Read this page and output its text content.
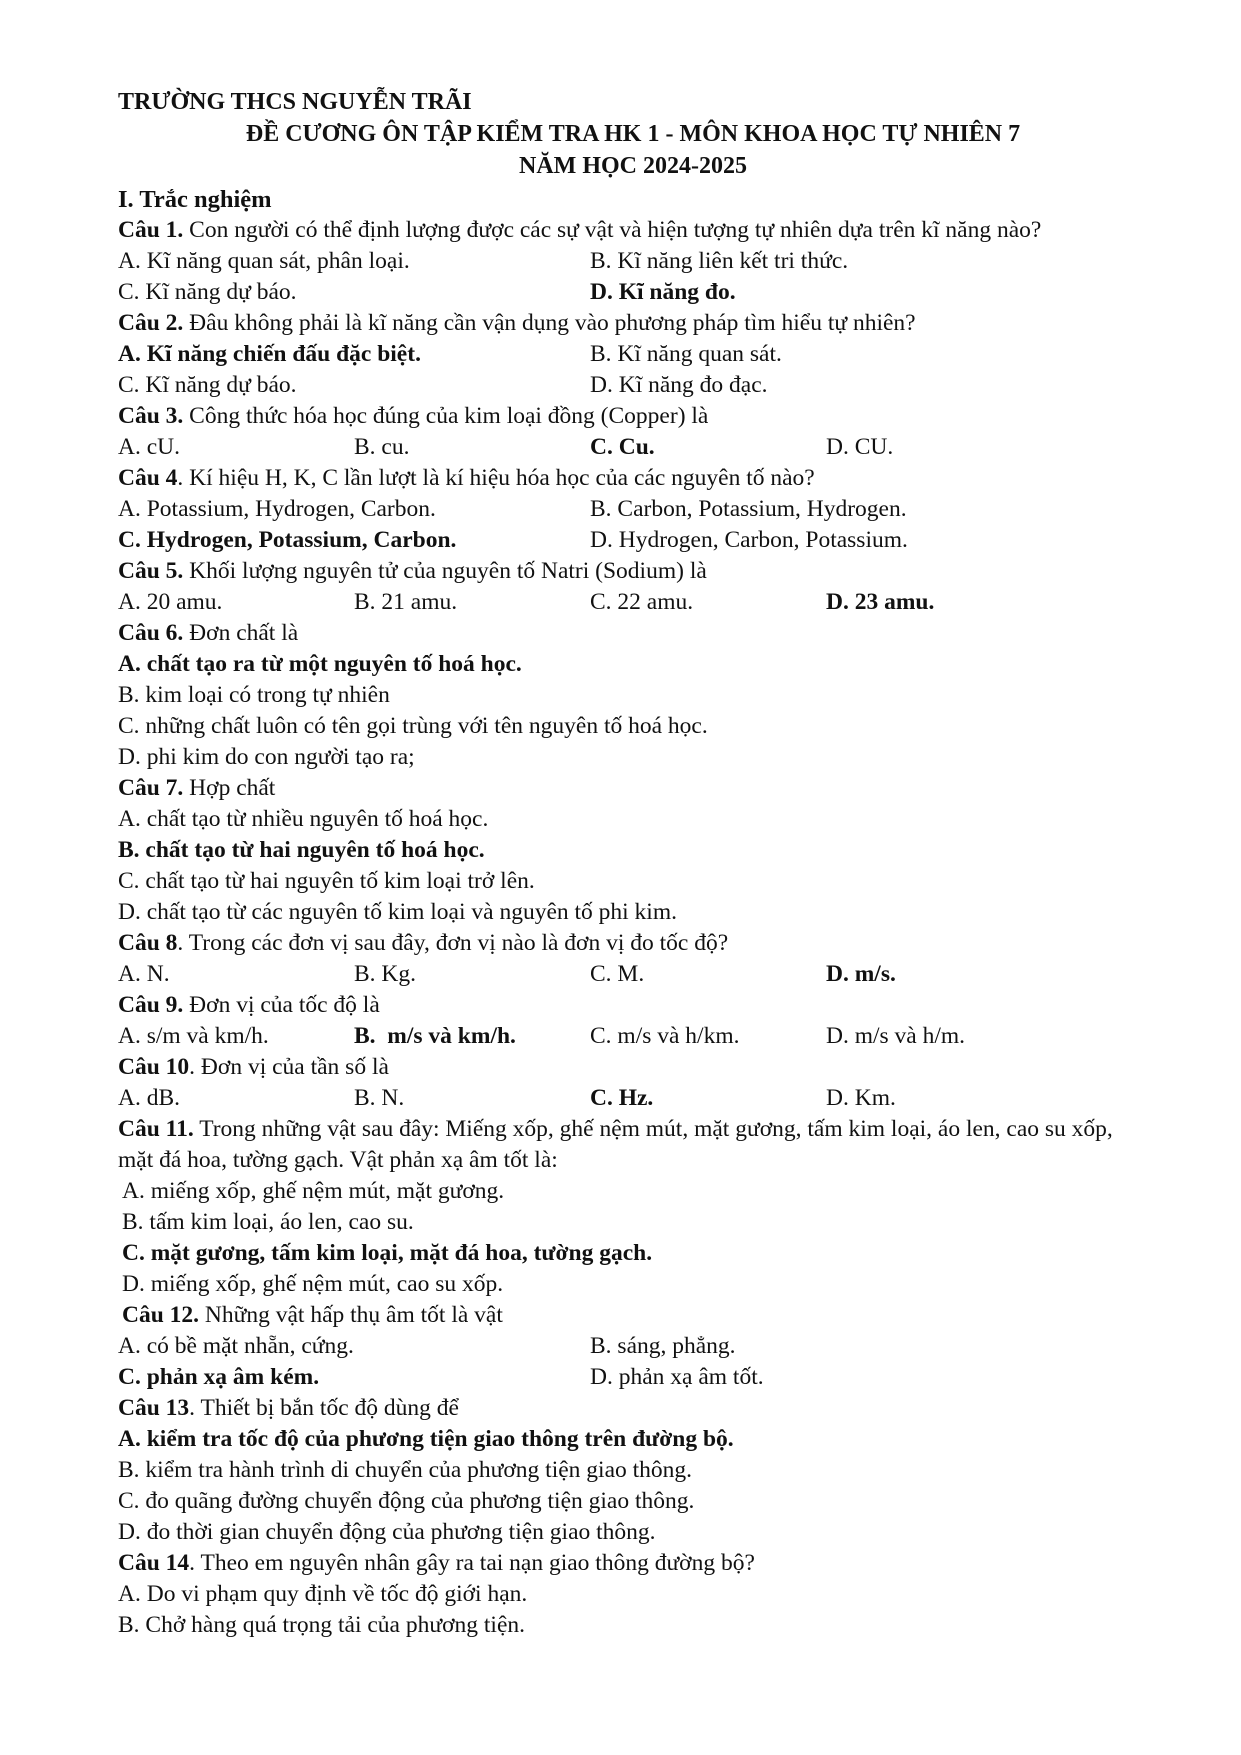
TRƯỜNG THCS NGUYỄN TRÃI
ĐỀ CƯƠNG ÔN TẬP KIỂM TRA HK 1 - MÔN KHOA HỌC TỰ NHIÊN 7
NĂM HỌC 2024-2025
I. Trắc nghiệm
Câu 1. Con người có thể định lượng được các sự vật và hiện tượng tự nhiên dựa trên kĩ năng nào?
A. Kĩ năng quan sát, phân loại.	B. Kĩ năng liên kết tri thức.
C. Kĩ năng dự báo.	D. Kĩ năng đo.
Câu 2. Đâu không phải là kĩ năng cần vận dụng vào phương pháp tìm hiểu tự nhiên?
A. Kĩ năng chiến đấu đặc biệt.	B. Kĩ năng quan sát.
C. Kĩ năng dự báo.	D. Kĩ năng đo đạc.
Câu 3. Công thức hóa học đúng của kim loại đồng (Copper) là
A. cU.	B. cu.	C. Cu.	D. CU.
Câu 4. Kí hiệu H, K, C lần lượt là kí hiệu hóa học của các nguyên tố nào?
A. Potassium, Hydrogen, Carbon.	B. Carbon, Potassium, Hydrogen.
C. Hydrogen, Potassium, Carbon.	D. Hydrogen, Carbon, Potassium.
Câu 5. Khối lượng nguyên tử của nguyên tố Natri (Sodium) là
A. 20 amu.	B. 21 amu.	C. 22 amu.	D. 23 amu.
Câu 6. Đơn chất là
A. chất tạo ra từ một nguyên tố hoá học.
B. kim loại có trong tự nhiên
C. những chất luôn có tên gọi trùng với tên nguyên tố hoá học.
D. phi kim do con người tạo ra;
Câu 7. Hợp chất
A. chất tạo từ nhiều nguyên tố hoá học.
B. chất tạo từ hai nguyên tố hoá học.
C. chất tạo từ hai nguyên tố kim loại trở lên.
D. chất tạo từ các nguyên tố kim loại và nguyên tố phi kim.
Câu 8. Trong các đơn vị sau đây, đơn vị nào là đơn vị đo tốc độ?
A. N.	B. Kg.	C. M.	D. m/s.
Câu 9. Đơn vị của tốc độ là
A. s/m và km/h.	B.  m/s và km/h.	C. m/s và h/km.	D. m/s và h/m.
Câu 10. Đơn vị của tần số là
A. dB.	B. N.	C. Hz.	D. Km.
Câu 11. Trong những vật sau đây: Miếng xốp, ghế nệm mút, mặt gương, tấm kim loại, áo len, cao su xốp, mặt đá hoa, tường gạch. Vật phản xạ âm tốt là:
A. miếng xốp, ghế nệm mút, mặt gương.
B. tấm kim loại, áo len, cao su.
C. mặt gương, tấm kim loại, mặt đá hoa, tường gạch.
D. miếng xốp, ghế nệm mút, cao su xốp.
Câu 12. Những vật hấp thụ âm tốt là vật
A. có bề mặt nhẵn, cứng.	B. sáng, phẳng.
C. phản xạ âm kém.	D. phản xạ âm tốt.
Câu 13. Thiết bị bắn tốc độ dùng để
A. kiểm tra tốc độ của phương tiện giao thông trên đường bộ.
B. kiểm tra hành trình di chuyển của phương tiện giao thông.
C. đo quãng đường chuyển động của phương tiện giao thông.
D. đo thời gian chuyển động của phương tiện giao thông.
Câu 14. Theo em nguyên nhân gây ra tai nạn giao thông đường bộ?
A. Do vi phạm quy định về tốc độ giới hạn.
B. Chở hàng quá trọng tải của phương tiện.
